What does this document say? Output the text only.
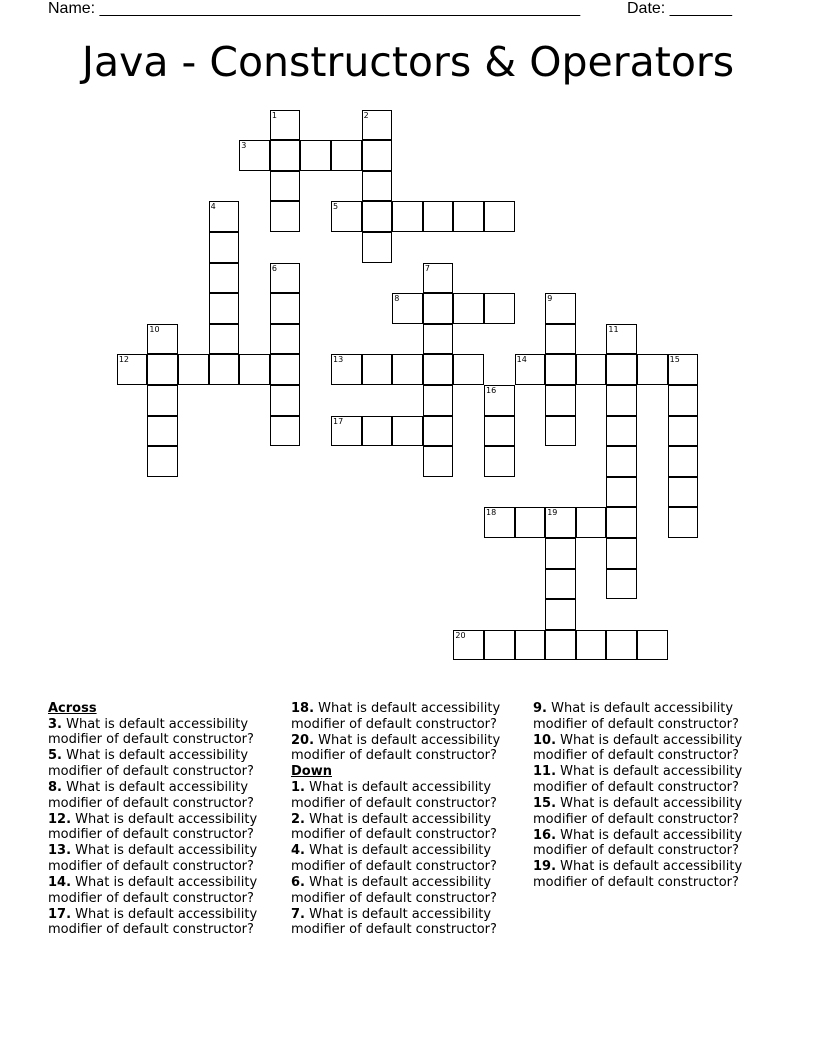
Name: ______________________________________________________	Date: _______
Java - Constructors & Operators
1	2
3
4	5
6	7
8	9
10	11
12	13	14	15
16
17
18	19
20
Across
3. What is default accessibility modifier of default constructor?
5. What is default accessibility modifier of default constructor?
8. What is default accessibility modifier of default constructor?
12. What is default accessibility modifier of default constructor?
13. What is default accessibility modifier of default constructor?
14. What is default accessibility modifier of default constructor?
17. What is default accessibility modifier of default constructor?
18. What is default accessibility modifier of default constructor?
20. What is default accessibility modifier of default constructor?
Down
1. What is default accessibility modifier of default constructor?
2. What is default accessibility modifier of default constructor?
4. What is default accessibility modifier of default constructor?
6. What is default accessibility modifier of default constructor?
7. What is default accessibility modifier of default constructor?
9. What is default accessibility modifier of default constructor?
10. What is default accessibility modifier of default constructor?
11. What is default accessibility modifier of default constructor?
15. What is default accessibility modifier of default constructor?
16. What is default accessibility modifier of default constructor?
19. What is default accessibility modifier of default constructor?
